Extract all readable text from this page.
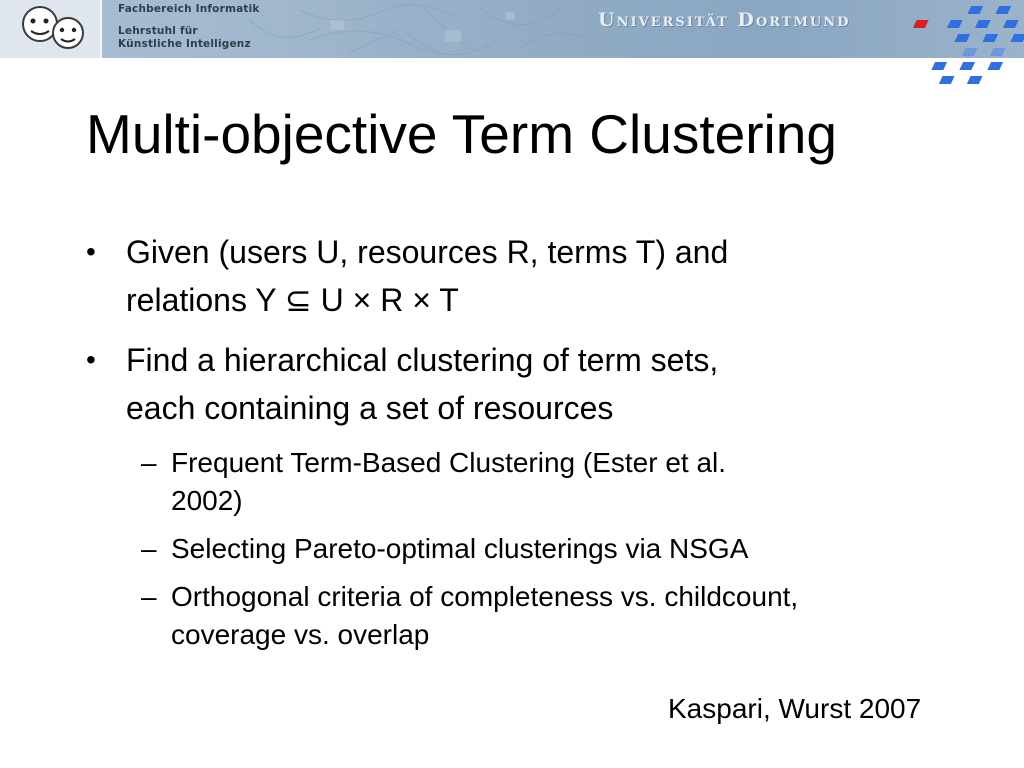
Fachbereich Informatik
Lehrstuhl für
Künstliche Intelligenz
Universität Dortmund
Multi-objective Term Clustering
• Given (users U, resources R, terms T) and
relations Y ⊆ U × R × T
• Find a hierarchical clustering of term sets,
each containing a set of resources
– Frequent Term-Based Clustering (Ester et al.
2002)
– Selecting Pareto-optimal clusterings via NSGA
– Orthogonal criteria of completeness vs. childcount,
coverage vs. overlap
Kaspari, Wurst 2007
